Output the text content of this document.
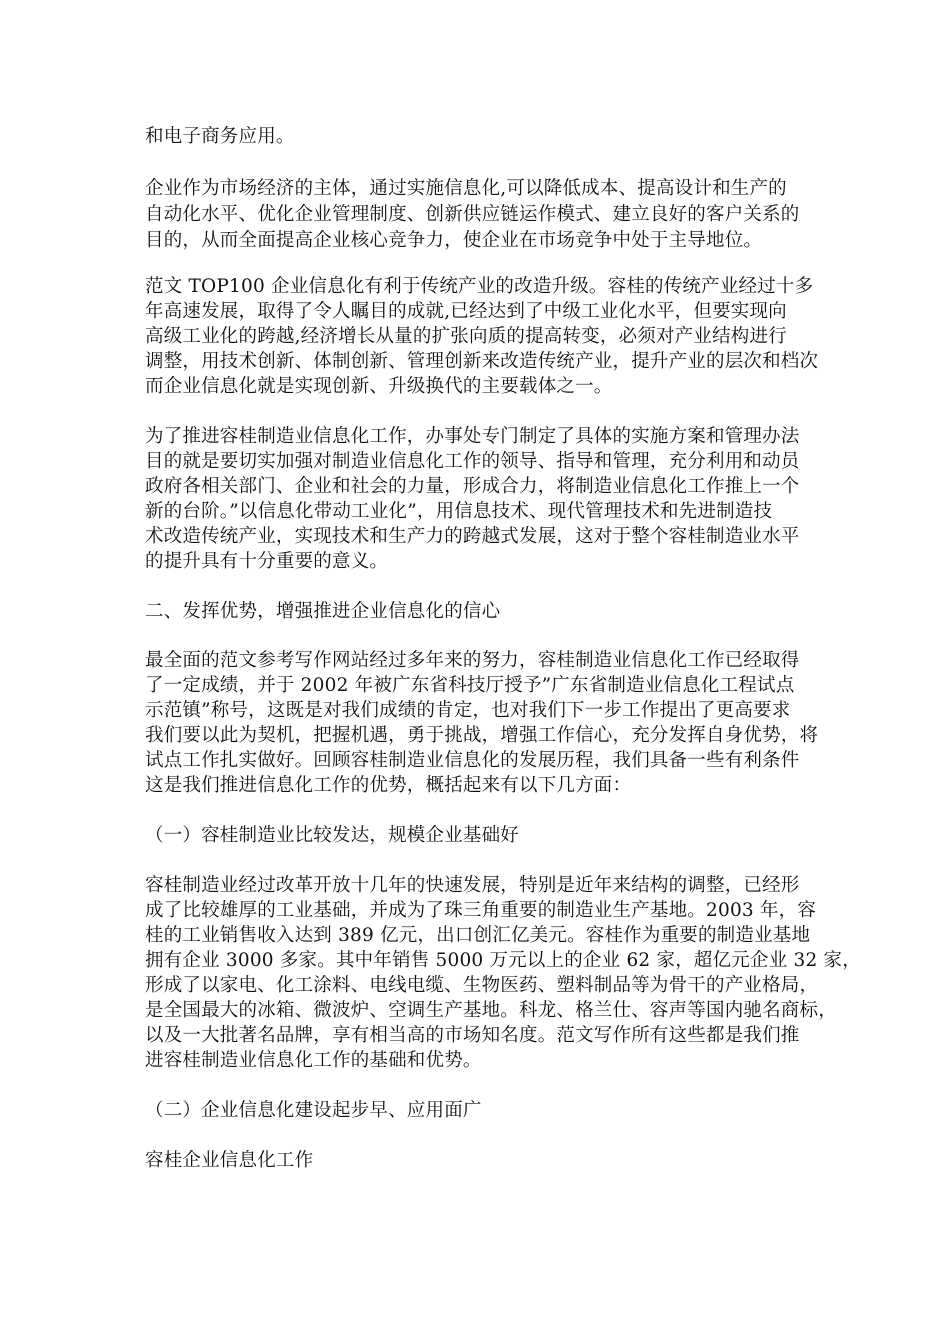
和电子商务应用。
企业作为市场经济的主体，通过实施信息化,可以降低成本、提高设计和生产的
自动化水平、优化企业管理制度、创新供应链运作模式、建立良好的客户关系的
目的，从而全面提高企业核心竞争力，使企业在市场竞争中处于主导地位。
范文 TOP100 企业信息化有利于传统产业的改造升级。容桂的传统产业经过十多
年高速发展，取得了令人瞩目的成就,已经达到了中级工业化水平，但要实现向
高级工业化的跨越,经济增长从量的扩张向质的提高转变，必须对产业结构进行
调整，用技术创新、体制创新、管理创新来改造传统产业，提升产业的层次和档次
而企业信息化就是实现创新、升级换代的主要载体之一。
为了推进容桂制造业信息化工作，办事处专门制定了具体的实施方案和管理办法
目的就是要切实加强对制造业信息化工作的领导、指导和管理，充分利用和动员
政府各相关部门、企业和社会的力量，形成合力，将制造业信息化工作推上一个
新的台阶。”以信息化带动工业化”，用信息技术、现代管理技术和先进制造技
术改造传统产业，实现技术和生产力的跨越式发展，这对于整个容桂制造业水平
的提升具有十分重要的意义。
二、发挥优势，增强推进企业信息化的信心
最全面的范文参考写作网站经过多年来的努力，容桂制造业信息化工作已经取得
了一定成绩，并于 2002 年被广东省科技厅授予”广东省制造业信息化工程试点
示范镇”称号，这既是对我们成绩的肯定，也对我们下一步工作提出了更高要求
我们要以此为契机，把握机遇，勇于挑战，增强工作信心，充分发挥自身优势，将
试点工作扎实做好。回顾容桂制造业信息化的发展历程，我们具备一些有利条件
这是我们推进信息化工作的优势，概括起来有以下几方面：
（一）容桂制造业比较发达，规模企业基础好
容桂制造业经过改革开放十几年的快速发展，特别是近年来结构的调整，已经形
成了比较雄厚的工业基础，并成为了珠三角重要的制造业生产基地。2003 年，容
桂的工业销售收入达到 389 亿元，出口创汇亿美元。容桂作为重要的制造业基地
拥有企业 3000 多家。其中年销售 5000 万元以上的企业 62 家，超亿元企业 32 家，
形成了以家电、化工涂料、电线电缆、生物医药、塑料制品等为骨干的产业格局，
是全国最大的冰箱、微波炉、空调生产基地。科龙、格兰仕、容声等国内驰名商标，
以及一大批著名品牌，享有相当高的市场知名度。范文写作所有这些都是我们推
进容桂制造业信息化工作的基础和优势。
（二）企业信息化建设起步早、应用面广
容桂企业信息化工作
